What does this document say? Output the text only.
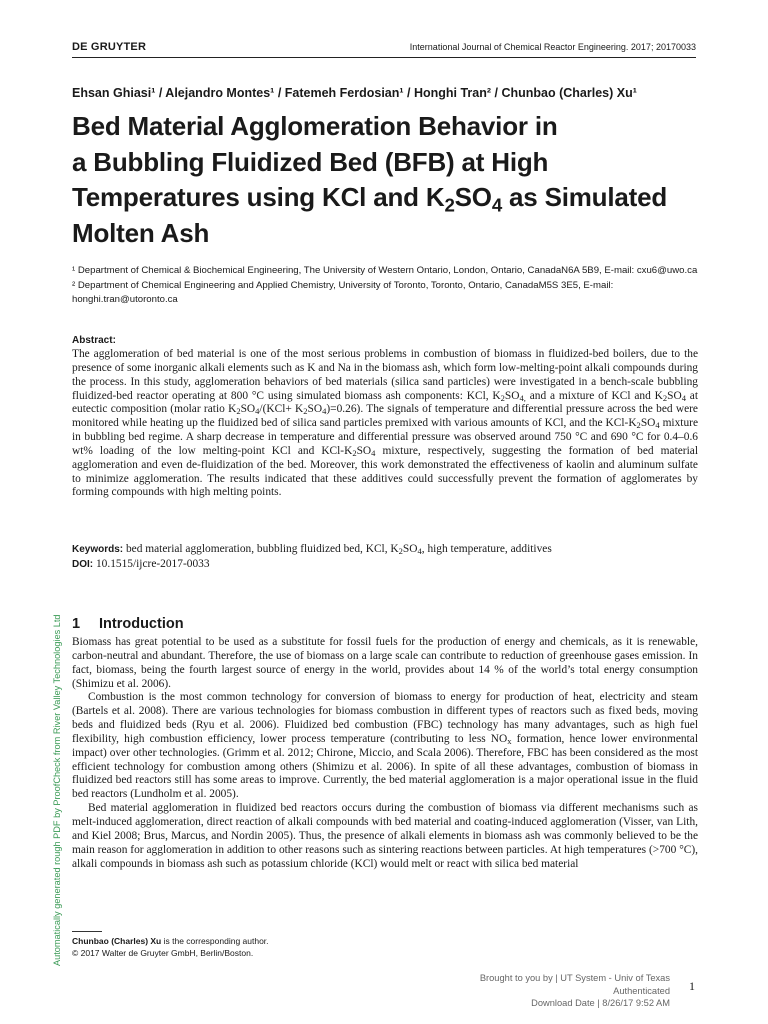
DE GRUYTER	International Journal of Chemical Reactor Engineering. 2017; 20170033
Ehsan Ghiasi¹ / Alejandro Montes¹ / Fatemeh Ferdosian¹ / Honghi Tran² / Chunbao (Charles) Xu¹
Bed Material Agglomeration Behavior in
a Bubbling Fluidized Bed (BFB) at High
Temperatures using KCl and $K_2SO_4$ as Simulated
Molten Ash

¹ Department of Chemical & Biochemical Engineering, The University of Western Ontario, London, Ontario, CanadaN6A 5B9, E-mail: cxu6@uwo.ca

² Department of Chemical Engineering and Applied Chemistry, University of Toronto, Toronto, Ontario, CanadaM5S 3E5, E-mail: honghi.tran@utoronto.ca

Abstract:

The agglomeration of bed material is one of the most serious problems in combustion of biomass in fluidized-bed boilers, due to the presence of some inorganic alkali elements such as K and Na in the biomass ash, which form low-melting-point alkali compounds during the process. In this study, agglomeration behaviors of bed materials (silica sand particles) were investigated in a bench-scale bubbling fluidized-bed reactor operating at 800 °C using simulated biomass ash components: KCl, $K_2SO_{4,}$ and a mixture of KCl and $K_2SO_4$ at eutectic composition (molar ratio $K_2SO_4/(KCl+ K_2SO_4)=0.26$). The signals of temperature and differential pressure across the bed were monitored while heating up the fluidized bed of silica sand particles premixed with various amounts of KCl, and the KCl-$K_2SO_4$ mixture in bubbling bed regime. A sharp decrease in temperature and differential pressure was observed around 750 °C and 690 °C for 0.4–0.6 wt% loading of the low melting-point KCl and KCl-$K_2SO_4$ mixture, respectively, suggesting the formation of bed material agglomeration and even de-fluidization of the bed. Moreover, this work demonstrated the effectiveness of kaolin and aluminum sulfate to minimize agglomeration. The results indicated that these additives could successfully prevent the formation of agglomerates by forming compounds with high melting points.

Keywords: bed material agglomeration, bubbling fluidized bed, KCl, $K_2SO_4$, high temperature, additives
DOI: 10.1515/ijcre-2017-0033
Automatically generated rough PDF by ProofCheck from River Valley Technologies Ltd 1 Introduction

Biomass has great potential to be used as a substitute for fossil fuels for the production of energy and chemicals, as it is renewable, carbon-neutral and abundant. Therefore, the use of biomass on a large scale can contribute to reduction of greenhouse gases emission. In fact, biomass, being the fourth largest source of energy in the world, provides about 14 % of the world’s total energy consumption (Shimizu et al. 2006).

Combustion is the most common technology for conversion of biomass to energy for production of heat, electricity and steam (Bartels et al. 2008). There are various technologies for biomass combustion in different types of reactors such as fixed beds, moving beds and fluidized beds (Ryu et al. 2006). Fluidized bed combustion (FBC) technology has many advantages, such as high fuel flexibility, high combustion efficiency, lower process temperature (contributing to less $NO_x$ formation, hence lower environmental impact) over other technologies. (Grimm et al. 2012; Chirone, Miccio, and Scala 2006). Therefore, FBC has been considered as the most efficient technology for combustion among others (Shimizu et al. 2006). In spite of all these advantages, combustion of biomass in fluidized bed reactors still has some areas to improve. Currently, the bed material agglomeration is a major operational issue in the fluid bed reactors (Lundholm et al. 2005).

Bed material agglomeration in fluidized bed reactors occurs during the combustion of biomass via different mechanisms such as melt-induced agglomeration, direct reaction of alkali compounds with bed material and coating-induced agglomeration (Visser, van Lith, and Kiel 2008; Brus, Marcus, and Nordin 2005). Thus, the presence of alkali elements in biomass ash was commonly believed to be the main reason for agglomeration in addition to other reasons such as sintering reactions between particles. At high temperatures (>700 °C), alkali compounds in biomass ash such as potassium chloride (KCl) would melt or react with silica bed material

Chunbao (Charles) Xu is the corresponding author.
© 2017 Walter de Gruyter GmbH, Berlin/Boston.
Brought to you by | UT System - Univ of Texas
Authenticated
Download Date | 8/26/17 9:52 AM
1
